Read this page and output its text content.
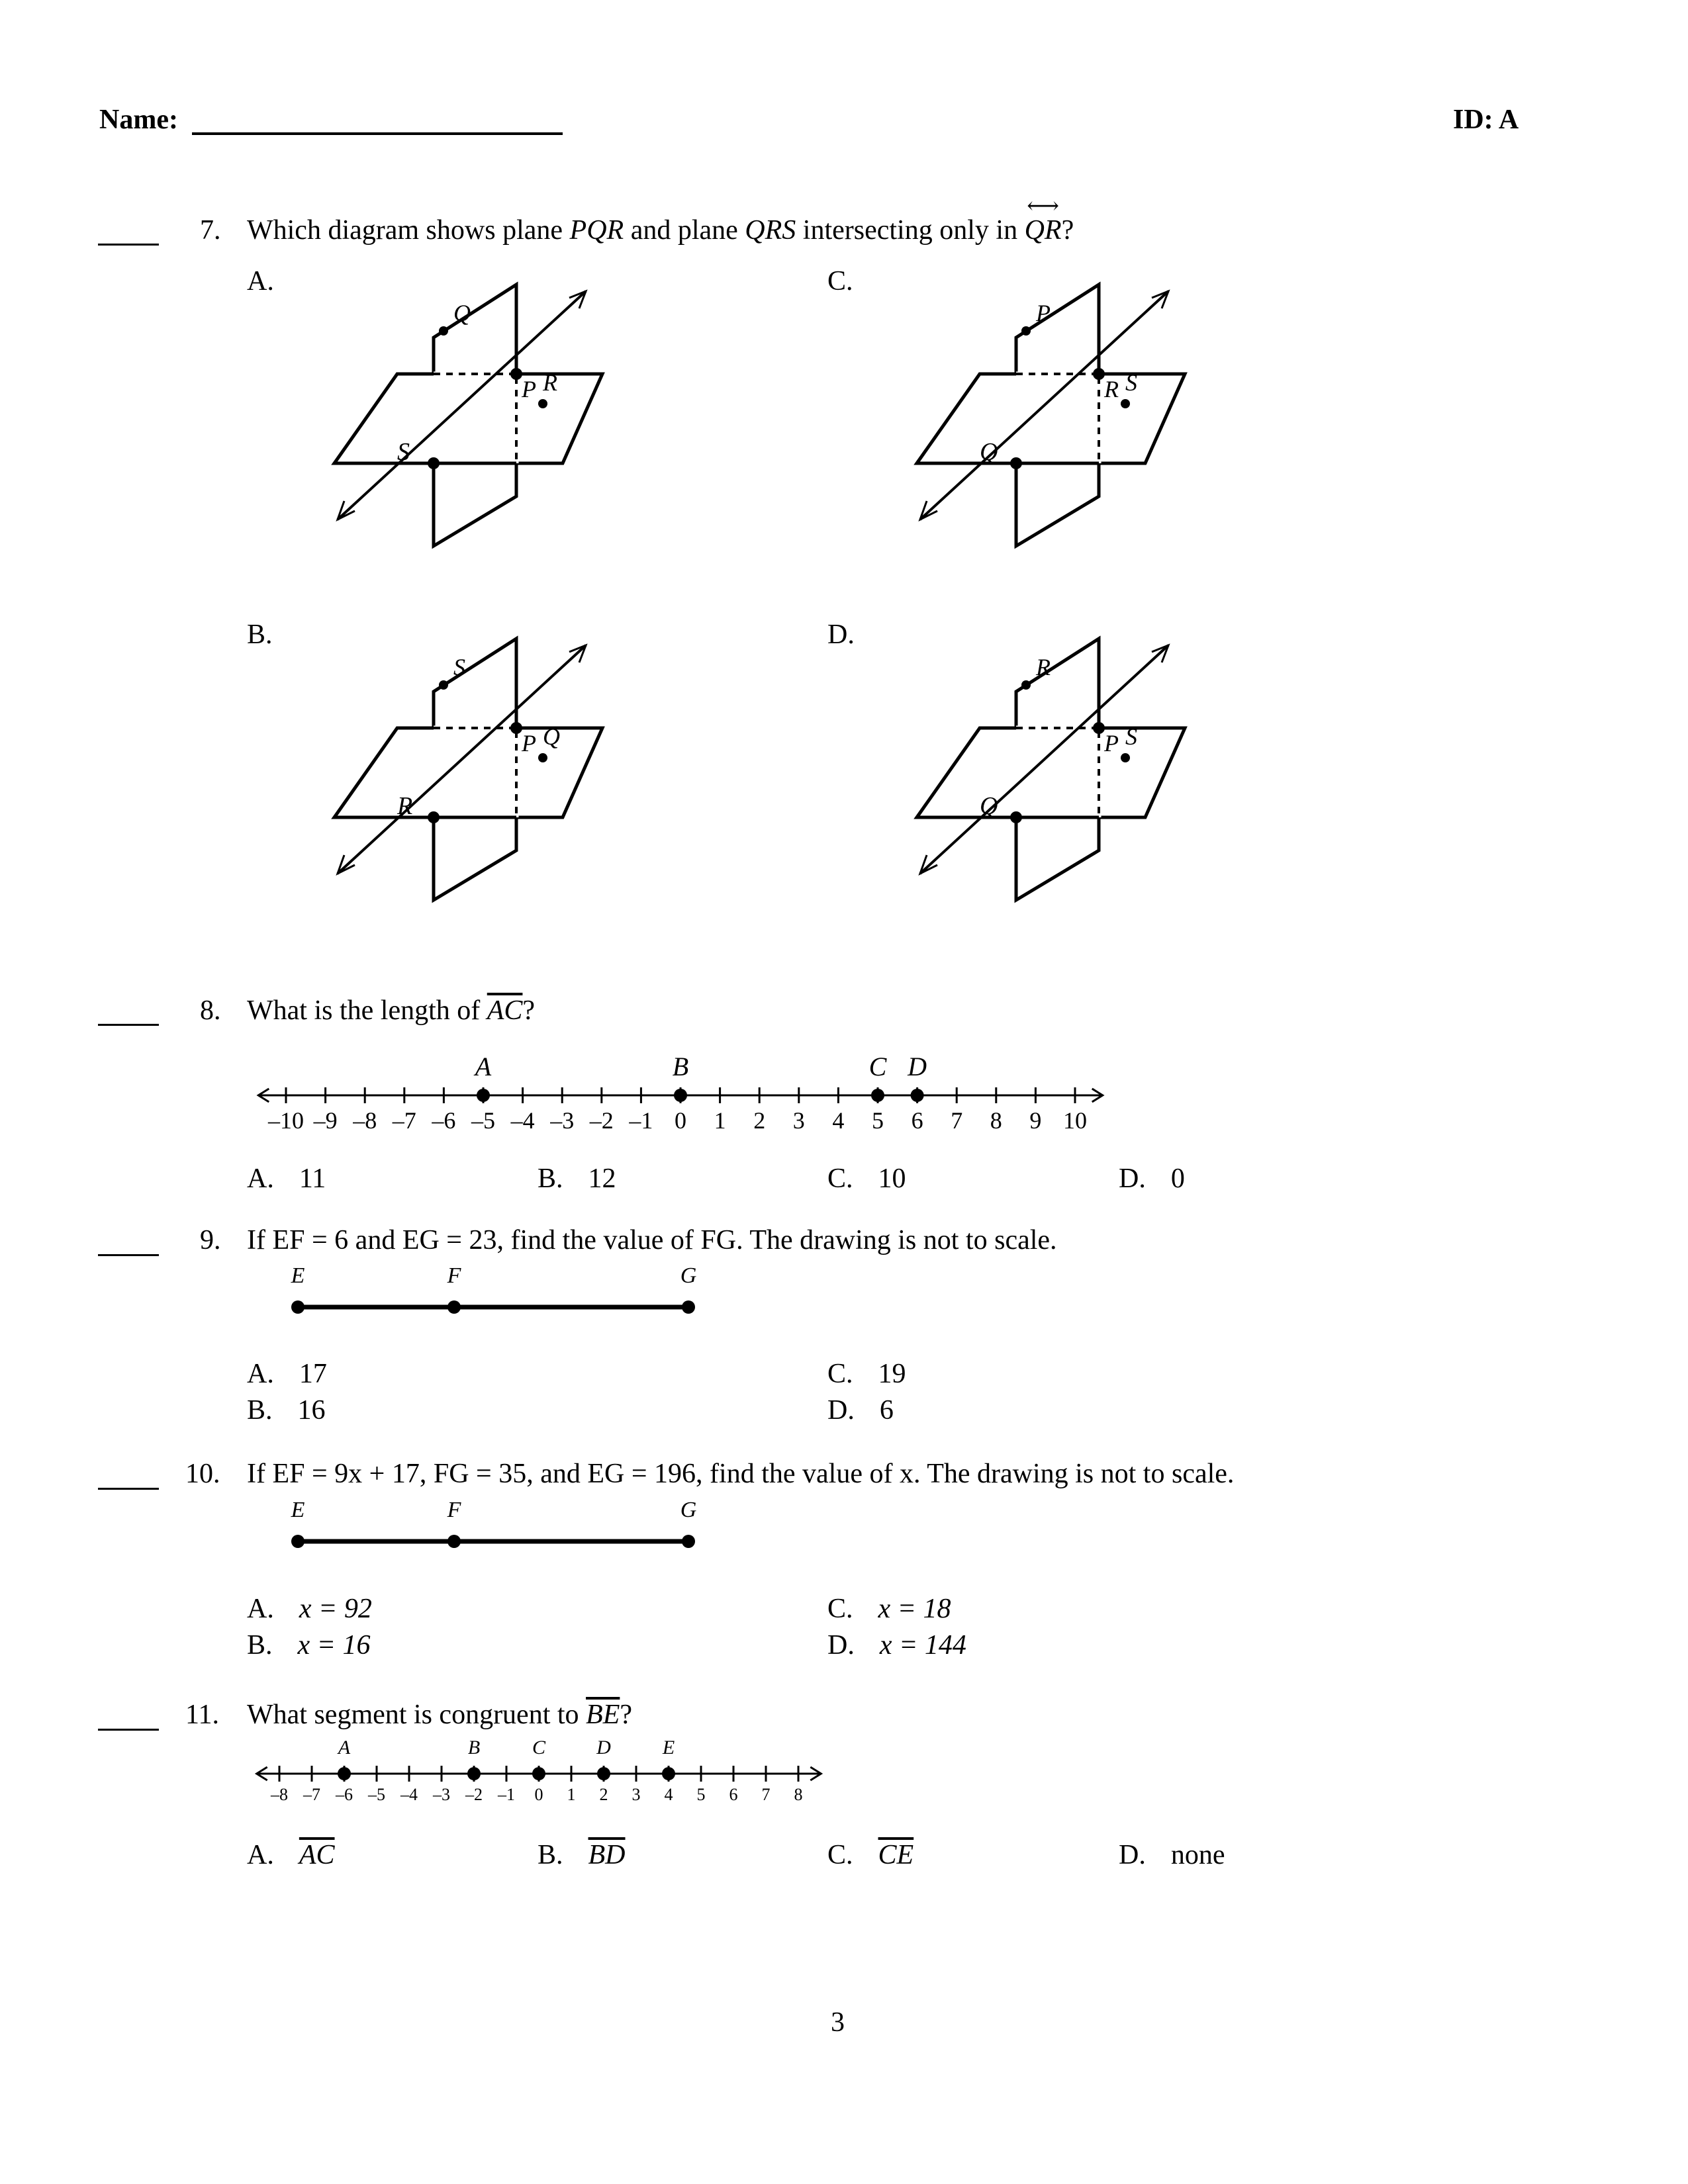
Name:	ID: A
7. Which diagram shows plane PQR and plane QRS intersecting only in QR
⟷
?
A.	C.
B.	D.
S
P R
Q
Q
R S
P
R
P Q
S
Q
P S
R
8. What is the length of $\overline{AC}$?
–10 –9 –8 –7 –6 –5 –4 –3 –2 –1 0 1 2 3 4 5 6 7 8 9 10
A	B	C D
A. 11	B. 12	C. 10	D. 0
9. If EF = 6 and EG = 23, find the value of FG. The drawing is not to scale.
E	F	G
A. 17
B. 16
C. 19
D. 6
10. If EF = 9x + 17, FG = 35, and EG = 196, find the value of x. The drawing is not to scale.
E	F	G
A. x = 92
B. x = 16
C. x = 18
D. x = 144
11. What segment is congruent to $\overline{BE}$?
–8 –7 –6 –5 –4 –3 –2 –1 0 1 2 3 4 5 6 7 8
A	B	C	D	E
A. $\overline{AC}$	B. $\overline{BD}$	C. $\overline{CE}$	D. none
3
